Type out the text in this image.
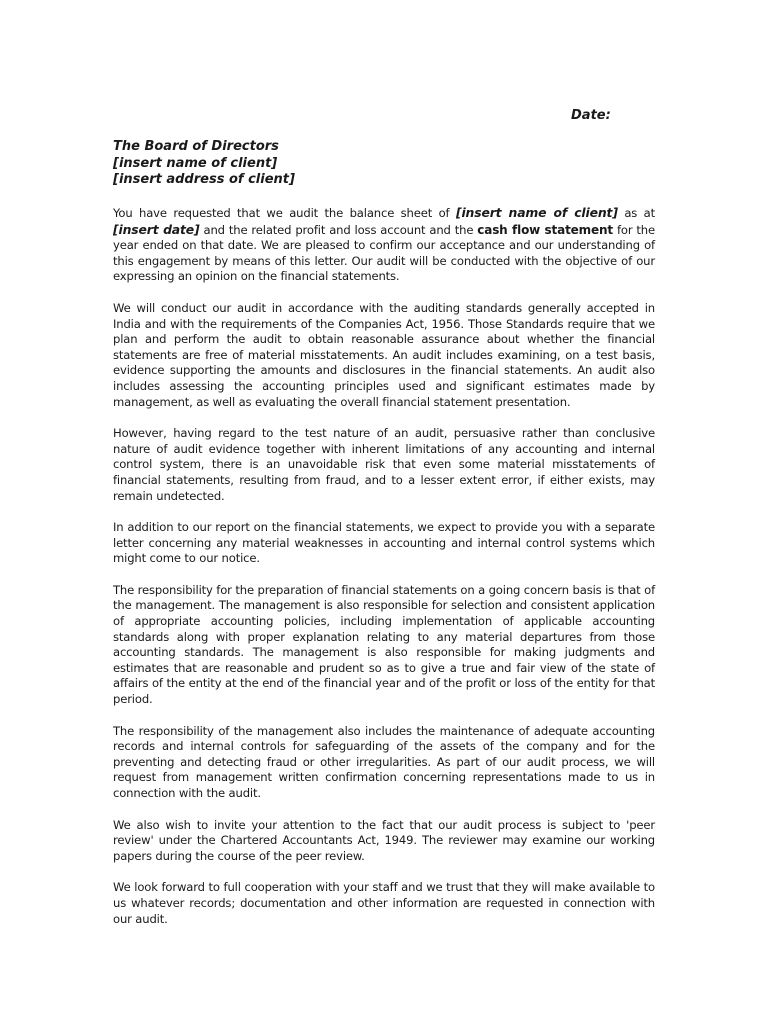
Date:
The Board of Directors
[insert name of client]
[insert address of client]

You have requested that we audit the balance sheet of [insert name of client] as at [insert date] and the related profit and loss account and the cash flow statement for the year ended on that date. We are pleased to confirm our acceptance and our understanding of this engagement by means of this letter. Our audit will be conducted with the objective of our expressing an opinion on the financial statements.

We will conduct our audit in accordance with the auditing standards generally accepted in India and with the requirements of the Companies Act, 1956. Those Standards require that we plan and perform the audit to obtain reasonable assurance about whether the financial statements are free of material misstatements. An audit includes examining, on a test basis, evidence supporting the amounts and disclosures in the financial statements. An audit also includes assessing the accounting principles used and significant estimates made by management, as well as evaluating the overall financial statement presentation.

However, having regard to the test nature of an audit, persuasive rather than conclusive nature of audit evidence together with inherent limitations of any accounting and internal control system, there is an unavoidable risk that even some material misstatements of financial statements, resulting from fraud, and to a lesser extent error, if either exists, may remain undetected.

In addition to our report on the financial statements, we expect to provide you with a separate letter concerning any material weaknesses in accounting and internal control systems which might come to our notice.

The responsibility for the preparation of financial statements on a going concern basis is that of the management. The management is also responsible for selection and consistent application of appropriate accounting policies, including implementation of applicable accounting standards along with proper explanation relating to any material departures from those accounting standards. The management is also responsible for making judgments and estimates that are reasonable and prudent so as to give a true and fair view of the state of affairs of the entity at the end of the financial year and of the profit or loss of the entity for that period.

The responsibility of the management also includes the maintenance of adequate accounting records and internal controls for safeguarding of the assets of the company and for the preventing and detecting fraud or other irregularities. As part of our audit process, we will request from management written confirmation concerning representations made to us in connection with the audit.

We also wish to invite your attention to the fact that our audit process is subject to 'peer review' under the Chartered Accountants Act, 1949. The reviewer may examine our working papers during the course of the peer review.

We look forward to full cooperation with your staff and we trust that they will make available to us whatever records; documentation and other information are requested in connection with our audit.
